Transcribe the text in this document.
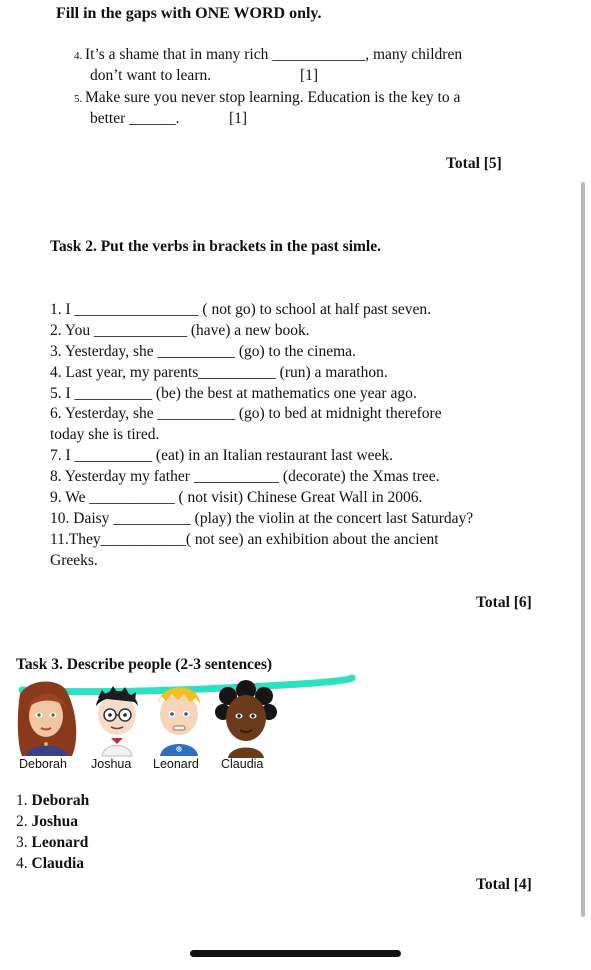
Fill in the gaps with ONE WORD only.
4. It’s a shame that in many rich ____________, many children
don’t want to learn.	[1]
5. Make sure you never stop learning. Education is the key to a
better ______.	[1]
Total [5]
Task 2. Put the verbs in brackets in the past simle.
1. I ________________ ( not go) to school at half past seven.
2. You ____________ (have) a new book.
3. Yesterday, she __________ (go) to the cinema.
4. Last year, my parents__________ (run) a marathon.
5. I __________ (be) the best at mathematics one year ago.
6. Yesterday, she __________ (go) to bed at midnight therefore
today she is tired.
7. I __________ (eat) in an Italian restaurant last week.
8. Yesterday my father ___________ (decorate) the Xmas tree.
9. We ___________ ( not visit) Chinese Great Wall in 2006.
10. Daisy __________ (play) the violin at the concert last Saturday?
11.They___________( not see) an exhibition about the ancient
Greeks.
Total [6]
Task 3. Describe people (2-3 sentences)
☸
Deborah Joshua Leonard Claudia
1. Deborah
2. Joshua
3. Leonard
4. Claudia
Total [4]
